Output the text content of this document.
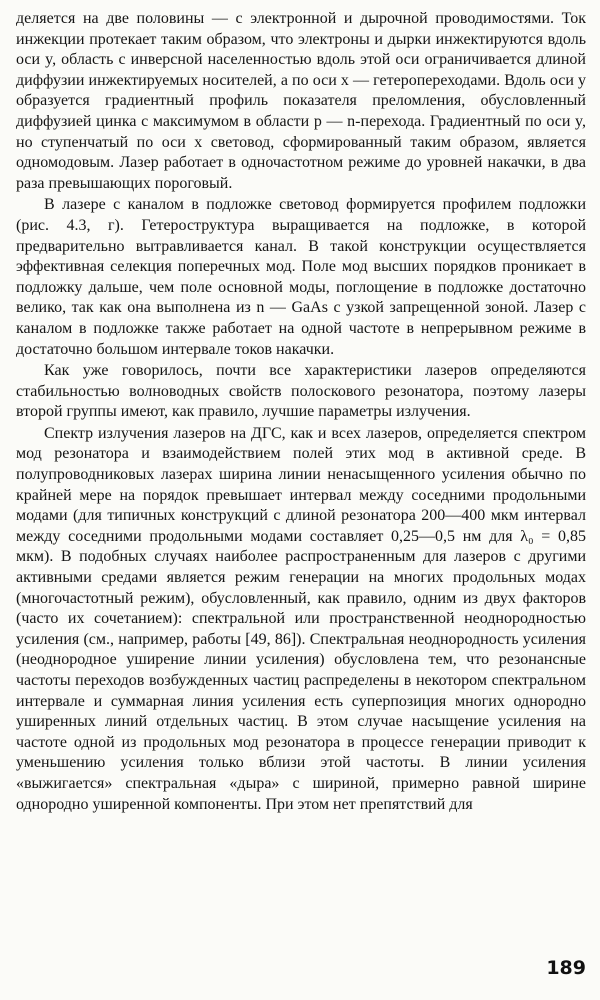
деляется на две половины — с электронной и дырочной проводимостями. Ток инжекции протекает таким образом, что электроны и дырки инжектируются вдоль оси y, область с инверсной населенностью вдоль этой оси ограничивается длиной диффузии инжектируемых носителей, а по оси x — гетеропереходами. Вдоль оси y образуется градиентный профиль показателя преломления, обусловленный диффузией цинка с максимумом в области p — n-перехода. Градиентный по оси y, но ступенчатый по оси x световод, сформированный таким образом, является одномодовым. Лазер работает в одночастотном режиме до уровней накачки, в два раза превышающих пороговый.

В лазере с каналом в подложке световод формируется профилем подложки (рис. 4.3, г). Гетероструктура выращивается на подложке, в которой предварительно вытравливается канал. В такой конструкции осуществляется эффективная селекция поперечных мод. Поле мод высших порядков проникает в подложку дальше, чем поле основной моды, поглощение в подложке достаточно велико, так как она выполнена из n — GaAs с узкой запрещенной зоной. Лазер с каналом в подложке также работает на одной частоте в непрерывном режиме в достаточно большом интервале токов накачки.

Как уже говорилось, почти все характеристики лазеров определяются стабильностью волноводных свойств полоскового резонатора, поэтому лазеры второй группы имеют, как правило, лучшие параметры излучения.

Спектр излучения лазеров на ДГС, как и всех лазеров, определяется спектром мод резонатора и взаимодействием полей этих мод в активной среде. В полупроводниковых лазерах ширина линии ненасыщенного усиления обычно по крайней мере на порядок превышает интервал между соседними продольными модами (для типичных конструкций с длиной резонатора 200—400 мкм интервал между соседними продольными модами составляет 0,25—0,5 нм для λ₀ = 0,85 мкм). В подобных случаях наиболее распространенным для лазеров с другими активными средами является режим генерации на многих продольных модах (многочастотный режим), обусловленный, как правило, одним из двух факторов (часто их сочетанием): спектральной или пространственной неоднородностью усиления (см., например, работы [49, 86]). Спектральная неоднородность усиления (неоднородное уширение линии усиления) обусловлена тем, что резонансные частоты переходов возбужденных частиц распределены в некотором спектральном интервале и суммарная линия усиления есть суперпозиция многих однородно уширенных линий отдельных частиц. В этом случае насыщение усиления на частоте одной из продольных мод резонатора в процессе генерации приводит к уменьшению усиления только вблизи этой частоты. В линии усиления «выжигается» спектральная «дыра» с шириной, примерно равной ширине однородно уширенной компоненты. При этом нет препятствий для

189
